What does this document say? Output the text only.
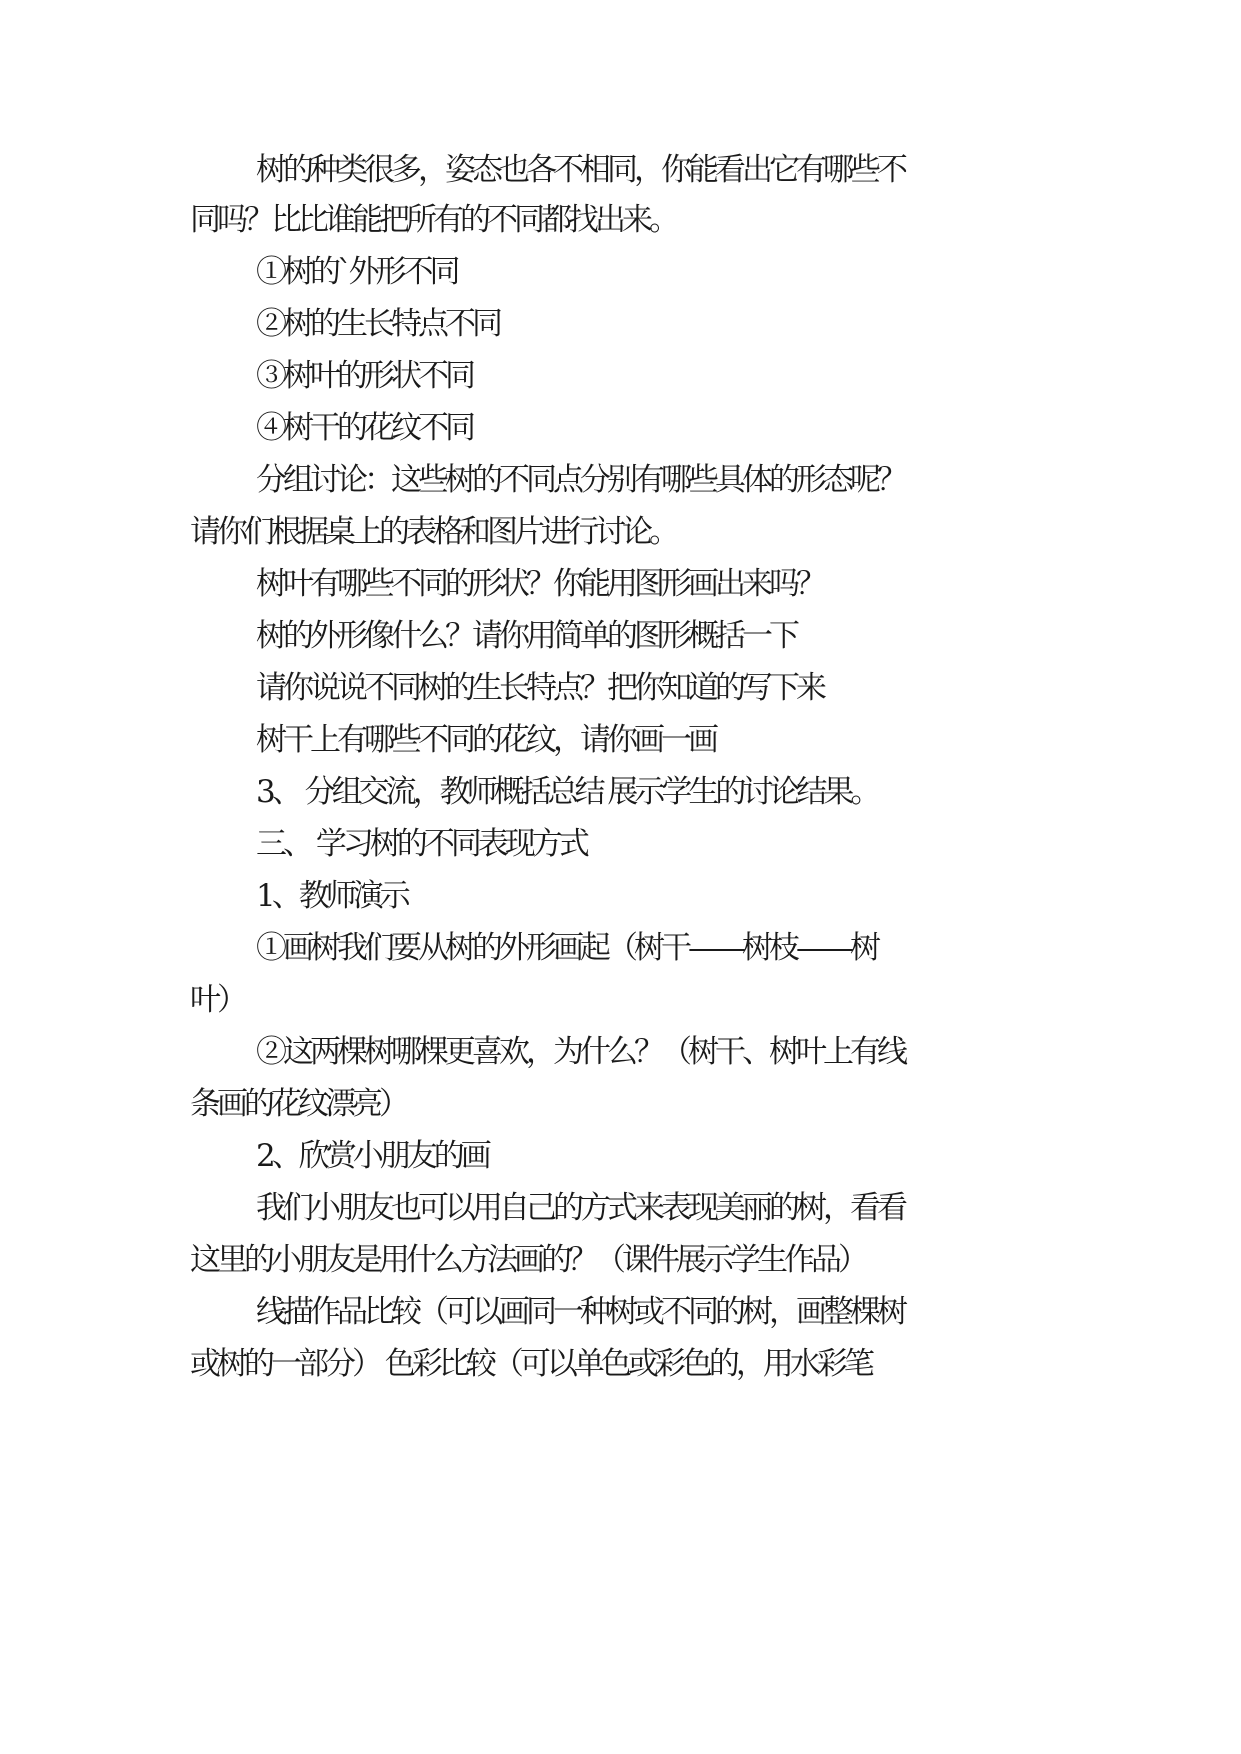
树的种类很多，姿态也各不相同，你能看出它有哪些不
同吗？比比谁能把所有的不同都找出来。
①树的`外形不同
②树的生长特点不同
③树叶的形状不同
④树干的花纹不同
分组讨论：这些树的不同点分别有哪些具体的形态呢？
请你们根据桌上的表格和图片进行讨论。
树叶有哪些不同的形状？你能用图形画出来吗？
树的外形像什么？请你用简单的图形概括一下
请你说说不同树的生长特点？把你知道的写下来
树干上有哪些不同的花纹，请你画一画
3、 分组交流，教师概括总结 展示学生的讨论结果。
三、 学习树的不同表现方式
1、教师演示
①画树我们要从树的外形画起（树干——树枝——树
叶）
②这两棵树哪棵更喜欢，为什么？（树干、树叶上有线
条画的花纹漂亮）
2、欣赏小朋友的画
我们小朋友也可以用自己的方式来表现美丽的树，看看
这里的小朋友是用什么方法画的？（课件展示学生作品）
线描作品比较（可以画同一种树或不同的树，画整棵树
或树的一部分） 色彩比较（可以单色或彩色的，用水彩笔
